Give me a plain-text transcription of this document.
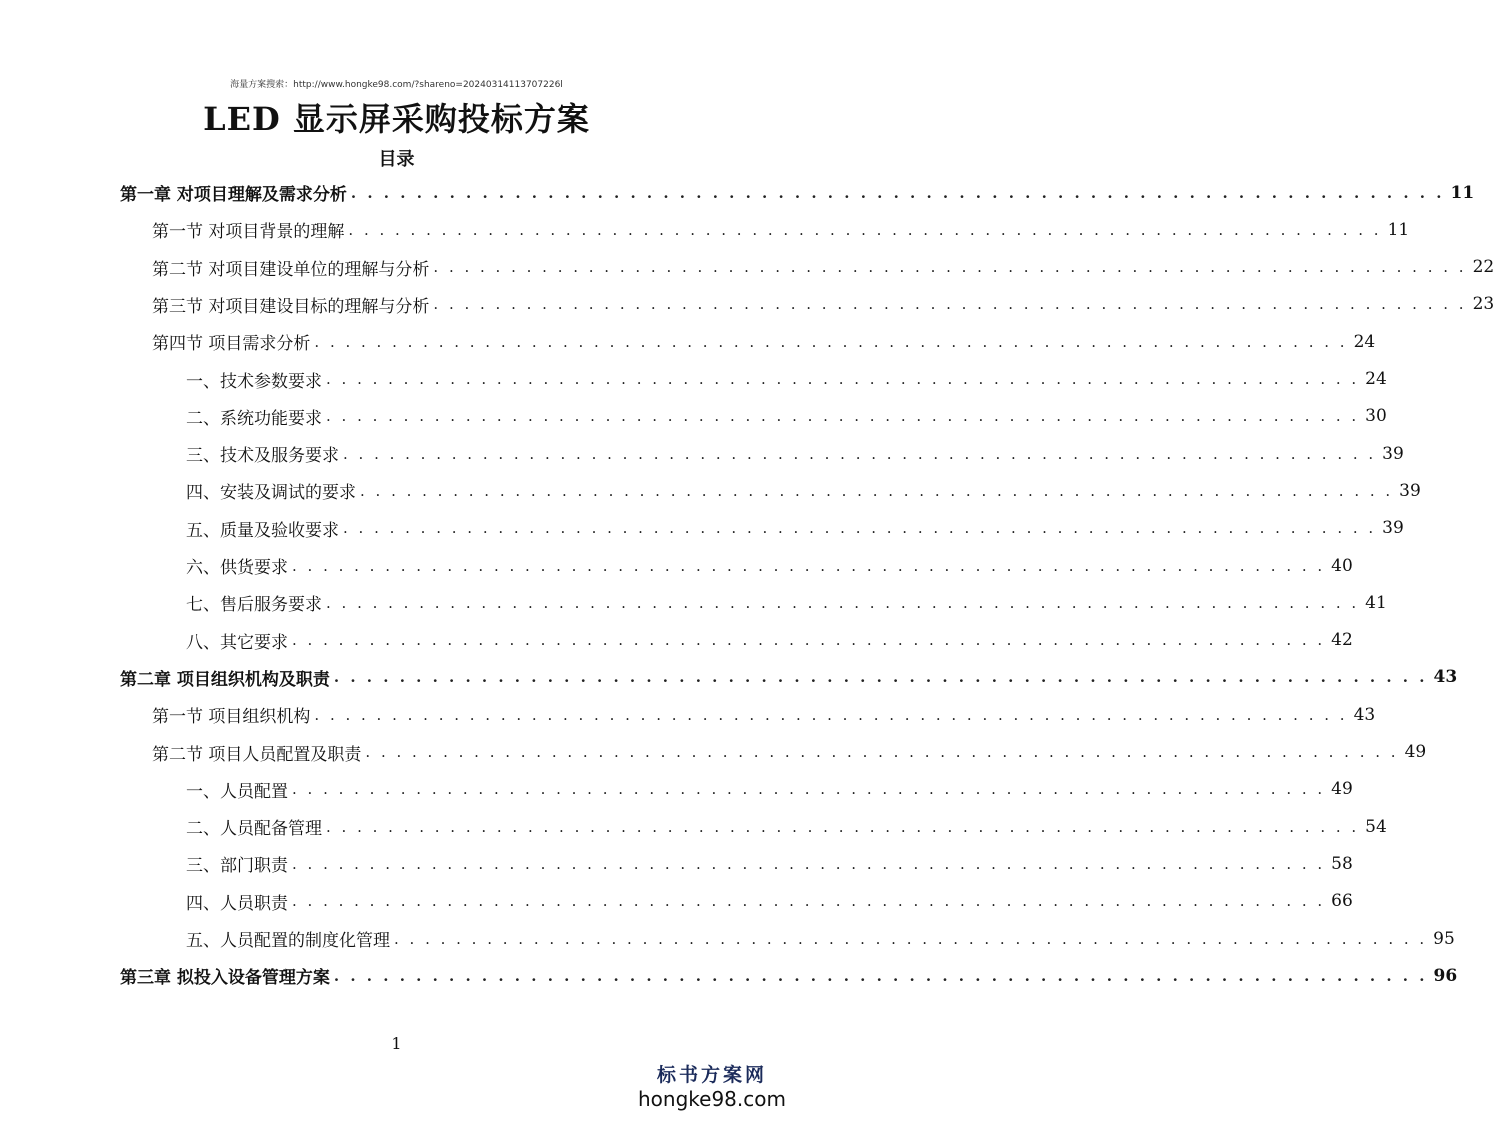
海量方案搜索：http://www.hongke98.com/?shareno=20240314113707226l
LED 显示屏采购投标方案
目录
第一章 对项目理解及需求分析 . . . . . . . . . . . . . . . . . . . . . . . . . . . . . . . . . . . . . . . . . . . . . . . . . . . . . . . . . . . . . . . . . . . 11
第一节 对项目背景的理解 . . . . . . . . . . . . . . . . . . . . . . . . . . . . . . . . . . . . . . . . . . . . . . . . . . . . . . . . . . . . . . . . . . . 11
第二节 对项目建设单位的理解与分析 . . . . . . . . . . . . . . . . . . . . . . . . . . . . . . . . . . . . . . . . . . . . . . . . . . . . . . . . . . . . . . . . . . . 22
第三节 对项目建设目标的理解与分析 . . . . . . . . . . . . . . . . . . . . . . . . . . . . . . . . . . . . . . . . . . . . . . . . . . . . . . . . . . . . . . . . . . . 23
第四节 项目需求分析 . . . . . . . . . . . . . . . . . . . . . . . . . . . . . . . . . . . . . . . . . . . . . . . . . . . . . . . . . . . . . . . . . . . 24
一、技术参数要求 . . . . . . . . . . . . . . . . . . . . . . . . . . . . . . . . . . . . . . . . . . . . . . . . . . . . . . . . . . . . . . . . . . . 24
二、系统功能要求 . . . . . . . . . . . . . . . . . . . . . . . . . . . . . . . . . . . . . . . . . . . . . . . . . . . . . . . . . . . . . . . . . . . 30
三、技术及服务要求 . . . . . . . . . . . . . . . . . . . . . . . . . . . . . . . . . . . . . . . . . . . . . . . . . . . . . . . . . . . . . . . . . . . 39
四、安装及调试的要求 . . . . . . . . . . . . . . . . . . . . . . . . . . . . . . . . . . . . . . . . . . . . . . . . . . . . . . . . . . . . . . . . . . . 39
五、质量及验收要求 . . . . . . . . . . . . . . . . . . . . . . . . . . . . . . . . . . . . . . . . . . . . . . . . . . . . . . . . . . . . . . . . . . . 39
六、供货要求 . . . . . . . . . . . . . . . . . . . . . . . . . . . . . . . . . . . . . . . . . . . . . . . . . . . . . . . . . . . . . . . . . . . 40
七、售后服务要求 . . . . . . . . . . . . . . . . . . . . . . . . . . . . . . . . . . . . . . . . . . . . . . . . . . . . . . . . . . . . . . . . . . . 41
八、其它要求 . . . . . . . . . . . . . . . . . . . . . . . . . . . . . . . . . . . . . . . . . . . . . . . . . . . . . . . . . . . . . . . . . . . 42
第二章 项目组织机构及职责 . . . . . . . . . . . . . . . . . . . . . . . . . . . . . . . . . . . . . . . . . . . . . . . . . . . . . . . . . . . . . . . . . . . 43
第一节 项目组织机构 . . . . . . . . . . . . . . . . . . . . . . . . . . . . . . . . . . . . . . . . . . . . . . . . . . . . . . . . . . . . . . . . . . . 43
第二节 项目人员配置及职责 . . . . . . . . . . . . . . . . . . . . . . . . . . . . . . . . . . . . . . . . . . . . . . . . . . . . . . . . . . . . . . . . . . . 49
一、人员配置 . . . . . . . . . . . . . . . . . . . . . . . . . . . . . . . . . . . . . . . . . . . . . . . . . . . . . . . . . . . . . . . . . . . 49
二、人员配备管理 . . . . . . . . . . . . . . . . . . . . . . . . . . . . . . . . . . . . . . . . . . . . . . . . . . . . . . . . . . . . . . . . . . . 54
三、部门职责 . . . . . . . . . . . . . . . . . . . . . . . . . . . . . . . . . . . . . . . . . . . . . . . . . . . . . . . . . . . . . . . . . . . 58
四、人员职责 . . . . . . . . . . . . . . . . . . . . . . . . . . . . . . . . . . . . . . . . . . . . . . . . . . . . . . . . . . . . . . . . . . . 66
五、人员配置的制度化管理 . . . . . . . . . . . . . . . . . . . . . . . . . . . . . . . . . . . . . . . . . . . . . . . . . . . . . . . . . . . . . . . . . . . 95
第三章 拟投入设备管理方案 . . . . . . . . . . . . . . . . . . . . . . . . . . . . . . . . . . . . . . . . . . . . . . . . . . . . . . . . . . . . . . . . . . . 96
1
标书方案网
hongke98.com
